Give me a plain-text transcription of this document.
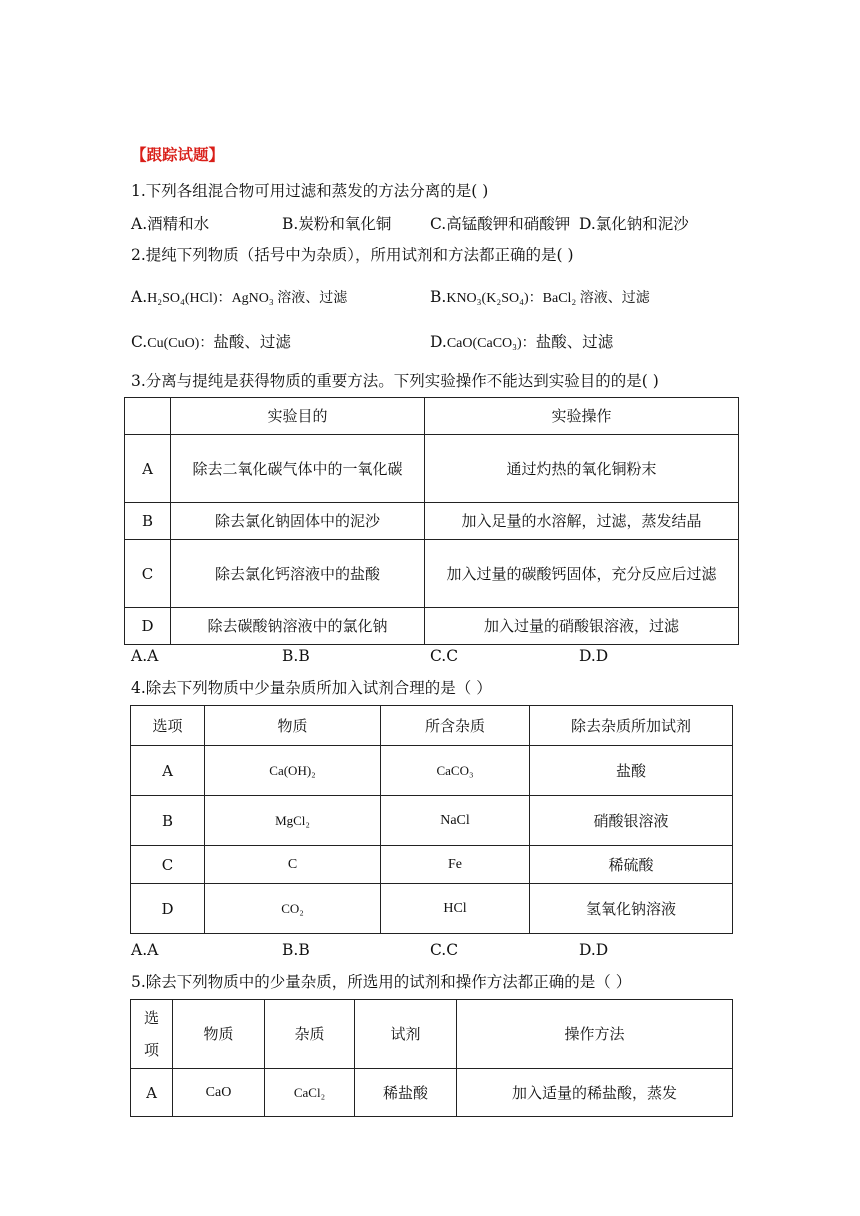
【跟踪试题】
1.下列各组混合物可用过滤和蒸发的方法分离的是( )
A.酒精和水	B.炭粉和氧化铜 C.高锰酸钾和硝酸钾 D.氯化钠和泥沙
2.提纯下列物质（括号中为杂质），所用试剂和方法都正确的是( )
A.H₂SO₄(HCl)：AgNO₃ 溶液、过滤	B.KNO₃(K₂SO₄)：BaCl₂ 溶液、过滤
C.Cu(CuO)：盐酸、过滤	D.CaO(CaCO₃)：盐酸、过滤
3.分离与提纯是获得物质的重要方法。下列实验操作不能达到实验目的的是( )
	实验目的	实验操作
A	除去二氧化碳气体中的一氧化碳	通过灼热的氧化铜粉末
B	除去氯化钠固体中的泥沙	加入足量的水溶解，过滤，蒸发结晶
C	除去氯化钙溶液中的盐酸	加入过量的碳酸钙固体，充分反应后过滤
D	除去碳酸钠溶液中的氯化钠	加入过量的硝酸银溶液，过滤
A.A	B.B	C.C	D.D
4.除去下列物质中少量杂质所加入试剂合理的是（ ）
选项	物质	所含杂质	除去杂质所加试剂
A	Ca(OH)₂	CaCO₃	盐酸
B	MgCl₂	NaCl	硝酸银溶液
C	C	Fe	稀硫酸
D	CO₂	HCl	氢氧化钠溶液
A.A	B.B	C.C	D.D
5.除去下列物质中的少量杂质，所选用的试剂和操作方法都正确的是（ ）
选项	物质	杂质	试剂	操作方法
A	CaO	CaCl₂	稀盐酸	加入适量的稀盐酸，蒸发
